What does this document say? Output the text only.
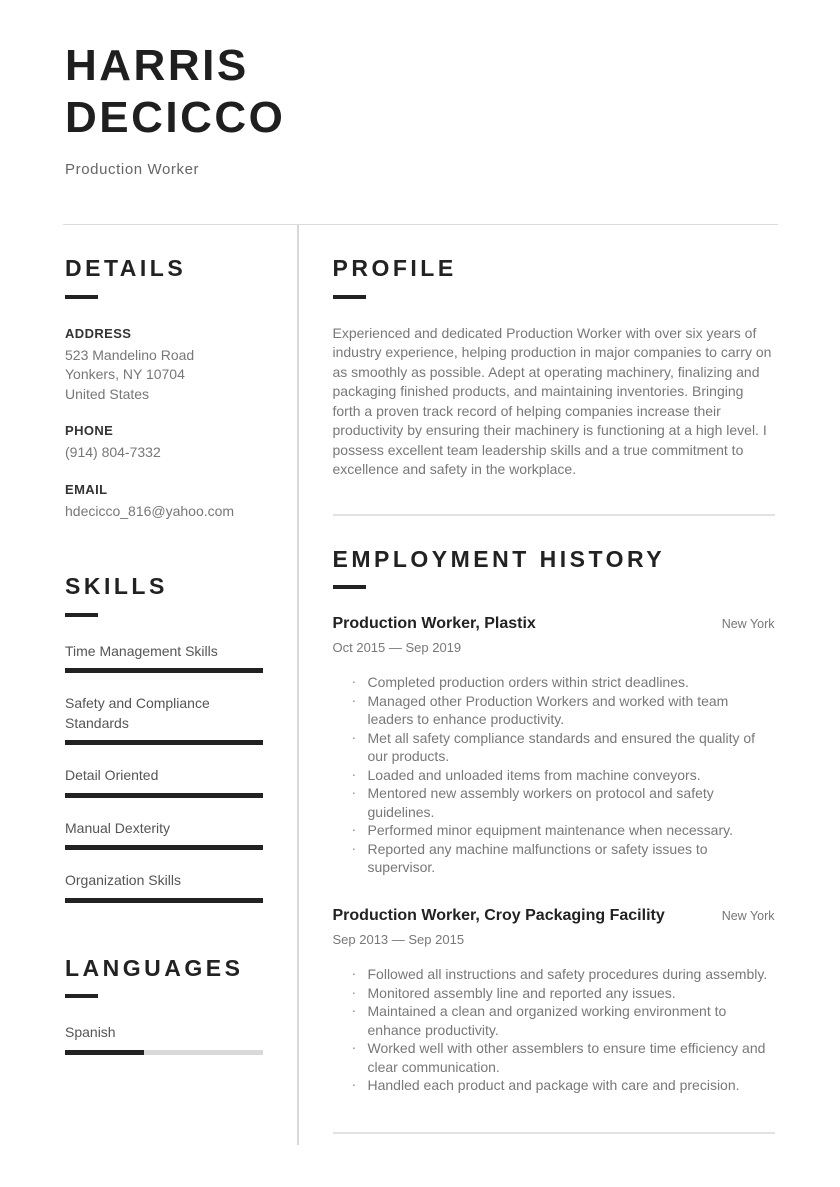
HARRIS DECICCO
Production Worker
DETAILS
ADDRESS
523 Mandelino Road
Yonkers, NY 10704
United States
PHONE
(914) 804-7332
EMAIL
hdecicco_816@yahoo.com
SKILLS
Time Management Skills
Safety and Compliance Standards
Detail Oriented
Manual Dexterity
Organization Skills
LANGUAGES
Spanish
PROFILE
Experienced and dedicated Production Worker with over six years of industry experience, helping production in major companies to carry on as smoothly as possible. Adept at operating machinery, finalizing and packaging finished products, and maintaining inventories. Bringing forth a proven track record of helping companies increase their productivity by ensuring their machinery is functioning at a high level. I possess excellent team leadership skills and a true commitment to excellence and safety in the workplace.
EMPLOYMENT HISTORY
Production Worker, Plastix	New York
Oct 2015 — Sep 2019
· Completed production orders within strict deadlines.
· Managed other Production Workers and worked with team leaders to enhance productivity.
· Met all safety compliance standards and ensured the quality of our products.
· Loaded and unloaded items from machine conveyors.
· Mentored new assembly workers on protocol and safety guidelines.
· Performed minor equipment maintenance when necessary.
· Reported any machine malfunctions or safety issues to supervisor.
Production Worker, Croy Packaging Facility	New York
Sep 2013 — Sep 2015
· Followed all instructions and safety procedures during assembly.
· Monitored assembly line and reported any issues.
· Maintained a clean and organized working environment to enhance productivity.
· Worked well with other assemblers to ensure time efficiency and clear communication.
· Handled each product and package with care and precision.
